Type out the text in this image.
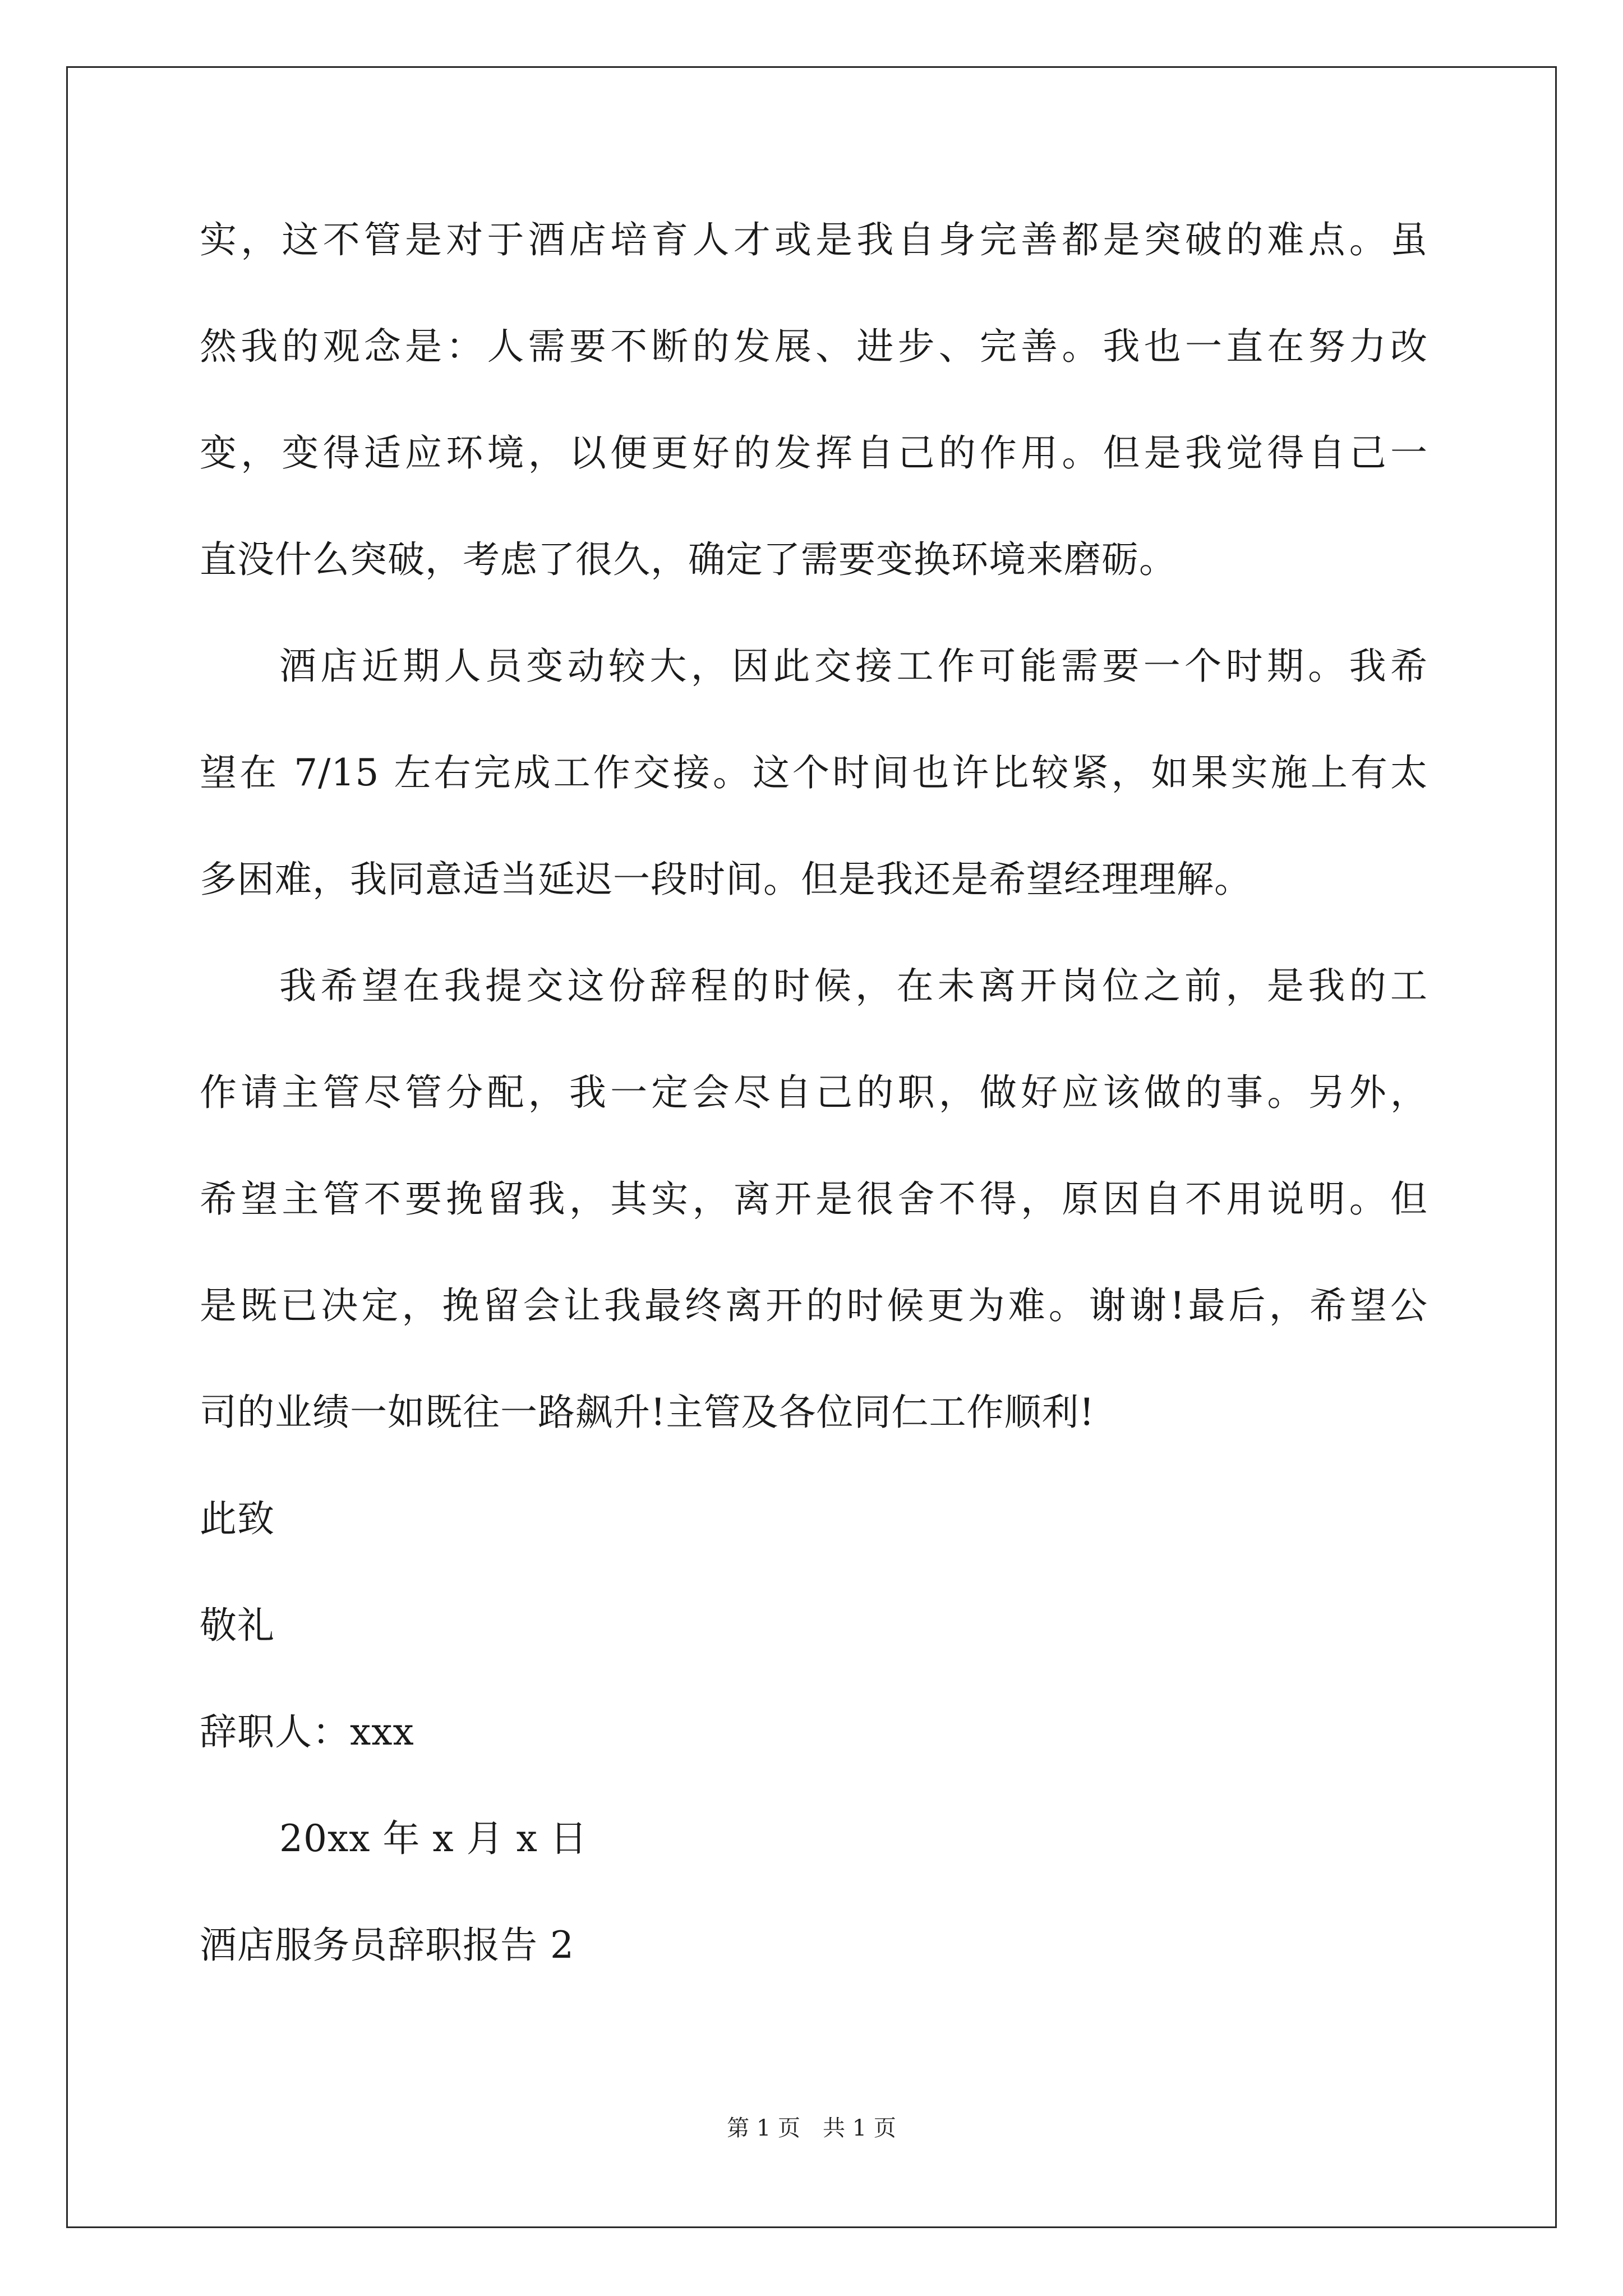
实，这不管是对于酒店培育人才或是我自身完善都是突破的难点。虽
然我的观念是：人需要不断的发展、进步、完善。我也一直在努力改
变，变得适应环境，以便更好的发挥自己的作用。但是我觉得自己一
直没什么突破，考虑了很久，确定了需要变换环境来磨砺。
酒店近期人员变动较大，因此交接工作可能需要一个时期。我希
望在 7/15 左右完成工作交接。这个时间也许比较紧，如果实施上有太
多困难，我同意适当延迟一段时间。但是我还是希望经理理解。
我希望在我提交这份辞程的时候，在未离开岗位之前，是我的工
作请主管尽管分配，我一定会尽自己的职，做好应该做的事。另外，
希望主管不要挽留我，其实，离开是很舍不得，原因自不用说明。但
是既已决定，挽留会让我最终离开的时候更为难。谢谢!最后，希望公
司的业绩一如既往一路飙升!主管及各位同仁工作顺利!
此致
敬礼
辞职人：xxx
20xx 年 x 月 x 日
酒店服务员辞职报告 2
第 1 页 共 1 页
